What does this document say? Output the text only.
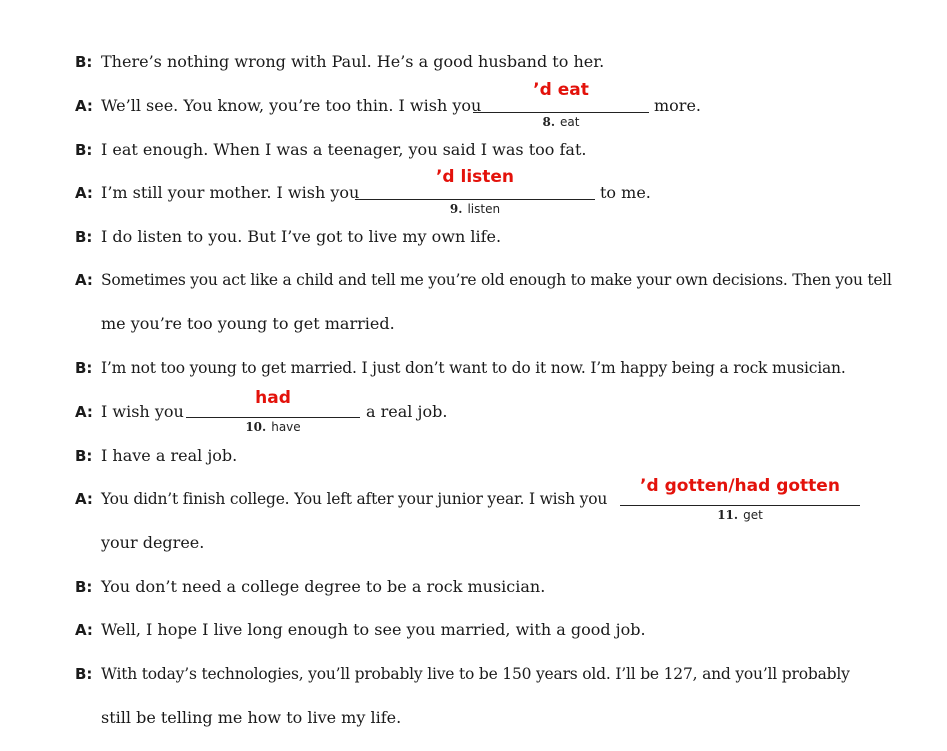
B: There’s nothing wrong with Paul. He’s a good husband to her.
A: We’ll see. You know, you’re too thin. I wish you	more.
’d eat
8. eat
B: I eat enough. When I was a teenager, you said I was too fat.
A: I’m still your mother. I wish you	to me.
’d listen
9. listen
B: I do listen to you. But I’ve got to live my own life.
A: Sometimes you act like a child and tell me you’re old enough to make your own decisions. Then you tell
me you’re too young to get married.
B: I’m not too young to get married. I just don’t want to do it now. I’m happy being a rock musician.
A: I wish you	a real job.
had
10. have
B: I have a real job.
A: You didn’t finish college. You left after your junior year. I wish you
’d gotten/had gotten
11. get
your degree.
B: You don’t need a college degree to be a rock musician.
A: Well, I hope I live long enough to see you married, with a good job.
B: With today’s technologies, you’ll probably live to be 150 years old. I’ll be 127, and you’ll probably
still be telling me how to live my life.
